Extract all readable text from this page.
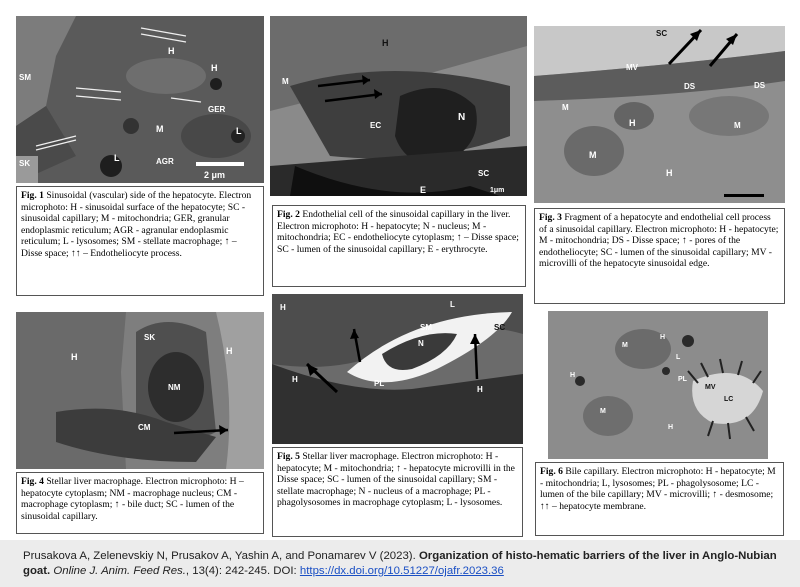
H
H
SM
GER
M
L
L
SK	AGR
2 μm
Fig. 1 Sinusoidal (vascular) side of the hepatocyte. Electron microphoto: H - sinusoidal surface of the hepatocyte; SC - sinusoidal capillary; M - mitochondria; GER, granular endoplasmic reticulum; AGR - agranular endoplasmic reticulum; L - lysosomes; SM - stellate macrophage; ↑ – Disse space; ↑↑ – Endotheliocyte process.
H
M
EC
N
SC
E	1μm
Fig. 2 Endothelial cell of the sinusoidal capillary in the liver. Electron microphoto: H - hepatocyte; N - nucleus; M - mitochondria; EC - endotheliocyte cytoplasm; ↑ – Disse space; SC - lumen of the sinusoidal capillary; E - erythrocyte.
SC
MV
DS	DS
M
M
H
H
M
Fig. 3 Fragment of a hepatocyte and endothelial cell process of a sinusoidal capillary. Electron microphoto: H - hepatocyte; M - mitochondria; DS - Disse space; ↑ - pores of the endotheliocyte; SC - lumen of the sinusoidal capillary; MV - microvilli of the hepatocyte sinusoidal edge.
SK
H
H
NM
CM
Fig. 4 Stellar liver macrophage. Electron microphoto: H – hepatocyte cytoplasm; NM - macrophage nucleus; CM - macrophage cytoplasm; ↑ - bile duct; SC - lumen of the sinusoidal capillary.
H	L
SM
N
SC
PL
H
H
Fig. 5 Stellar liver macrophage. Electron microphoto: H - hepatocyte; M - mitochondria; ↑ - hepatocyte microvilli in the Disse space; SC - lumen of the sinusoidal capillary; SM - stellate macrophage; N - nucleus of a macrophage; PL - phagolysosomes in macrophage cytoplasm; L - lysosomes.
M
H
L
PL
MV
LC
H
M
H
Fig. 6 Bile capillary. Electron microphoto: H - hepatocyte; M - mitochondria; L, lysosomes; PL - phagolysosome; LC - lumen of the bile capillary; MV - microvilli; ↑ - desmosome; ↑↑ – hepatocyte membrane.

Prusakova A, Zelenevskiy N, Prusakov A, Yashin A, and Ponamarev V (2023). Organization of histo-hematic barriers of the liver in Anglo-Nubian goat. Online J. Anim. Feed Res., 13(4): 242-245. DOI: https://dx.doi.org/10.51227/ojafr.2023.36
